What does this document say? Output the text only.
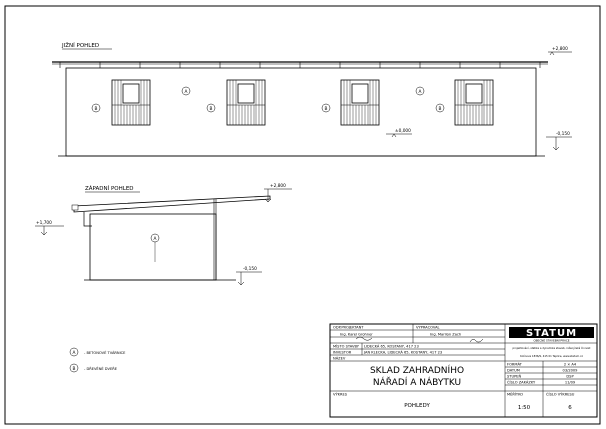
JIŽNÍ POHLED
B	B	B	B
A	A
+2,800
±0,000
-0,150
ZÁPADNÍ POHLED
A
+2,800
+1,700
-0,150
A - BETONOVÉ TVÁRNICE
B - DŘEVĚNÉ DVEŘE
ODP.PROJEKTANT
Ing. Karel Grohner
VYPRACOVAL
Ing. Marilon Zach
MÍSTO STAVBY LIDECKÁ 65, KOSTANY, 417 23
INVESTOR	JAN KLECKA, LIDECKÁ 65, KOSTANY, 417 23
NÁZEV
SKLAD ZAHRADNÍHO
NÁŘADÍ A NÁBYTKU
VÝKRES
POHLEDY
STATUM
OBECNÉ STAVEBNÍ PRÁCE
projektování, statika a dynamika staveb, inženýrská činnost
Kolínova 1836/9, 415 01 Teplice, www.statum.cz
FORMÁT	2 × A4
DATUM	03/2009
STUPEŇ	DSP
ČÍSLO ZAKÁZKY	11/09
MĚŘÍTKO
1:50
ČÍSLO VÝKRESU
6
